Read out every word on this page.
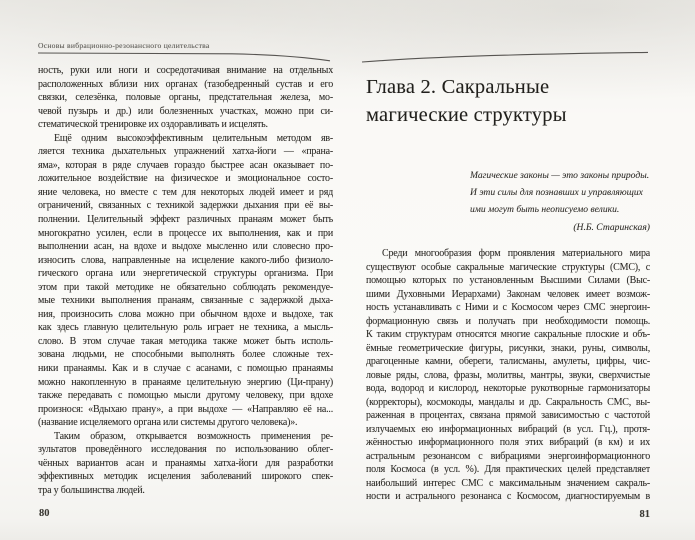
Основы вибрационно-резонансного целительства
ность, руки или ноги и сосредотачивая внимание на отдельных
расположенных вблизи них органах (тазобедренный сустав и его
связки, селезёнка, половые органы, предстательная железа, мо-
чевой пузырь и др.) или болезненных участках, можно при си-
стематической тренировке их оздоравливать и исцелять.
Ещё одним высокоэффективным целительным методом яв-
ляется техника дыхательных упражнений хатха-йоги — «прана-
яма», которая в ряде случаев гораздо быстрее асан оказывает по-
ложительное воздействие на физическое и эмоциональное состо-
яние человека, но вместе с тем для некоторых людей имеет и ряд
ограничений, связанных с техникой задержки дыхания при её вы-
полнении. Целительный эффект различных пранаям может быть
многократно усилен, если в процессе их выполнения, как и при
выполнении асан, на вдохе и выдохе мысленно или словесно про-
износить слова, направленные на исцеление какого-либо физиоло-
гического органа или энергетической структуры организма. При
этом при такой методике не обязательно соблюдать рекомендуе-
мые техники выполнения пранаям, связанные с задержкой дыха-
ния, произносить слова можно при обычном вдохе и выдохе, так
как здесь главную целительную роль играет не техника, а мысль-
слово. В этом случае такая методика также может быть исполь-
зована людьми, не способными выполнять более сложные тех-
ники пранаямы. Как и в случае с асанами, с помощью пранаямы
можно накопленную в пранаяме целительную энергию (Ци-прану)
также передавать с помощью мысли другому человеку, при вдохе
произнося: «Вдыхаю прану», а при выдохе — «Направляю её на...
(название исцеляемого органа или системы другого человека)».
Таким образом, открывается возможность применения ре-
зультатов проведённого исследования по использованию облег-
чённых вариантов асан и пранаямы хатха-йоги для разработки
эффективных методик исцеления заболеваний широкого спек-
тра у большинства людей.
80
Глава 2. Сакральные
магические структуры
Магические законы — это законы природы.
И эти силы для познавших и управляющих
ими могут быть неописуемо велики.
(Н.Б. Старинская)
Среди многообразия форм проявления материального мира
существуют особые сакральные магические структуры (СМС), с
помощью которых по установленным Высшими Силами (Выс-
шими Духовными Иерархами) Законам человек имеет возмож-
ность устанавливать с Ними и с Космосом через СМС энергоин-
формационную связь и получать при необходимости помощь.
К таким структурам относятся многие сакральные плоские и объ-
ёмные геометрические фигуры, рисунки, знаки, руны, символы,
драгоценные камни, обереги, талисманы, амулеты, цифры, чис-
ловые ряды, слова, фразы, молитвы, мантры, звуки, сверхчистые
вода, водород и кислород, некоторые рукотворные гармонизаторы
(корректоры), космокоды, мандалы и др. Сакральность СМС, вы-
раженная в процентах, связана прямой зависимостью с частотой
излучаемых ею информационных вибраций (в усл. Гц.), протя-
жённостью информационного поля этих вибраций (в км) и их
астральным резонансом с вибрациями энергоинформационного
поля Космоса (в усл. %). Для практических целей представляет
наибольший интерес СМС с максимальным значением сакраль-
ности и астрального резонанса с Космосом, диагностируемым в
81
